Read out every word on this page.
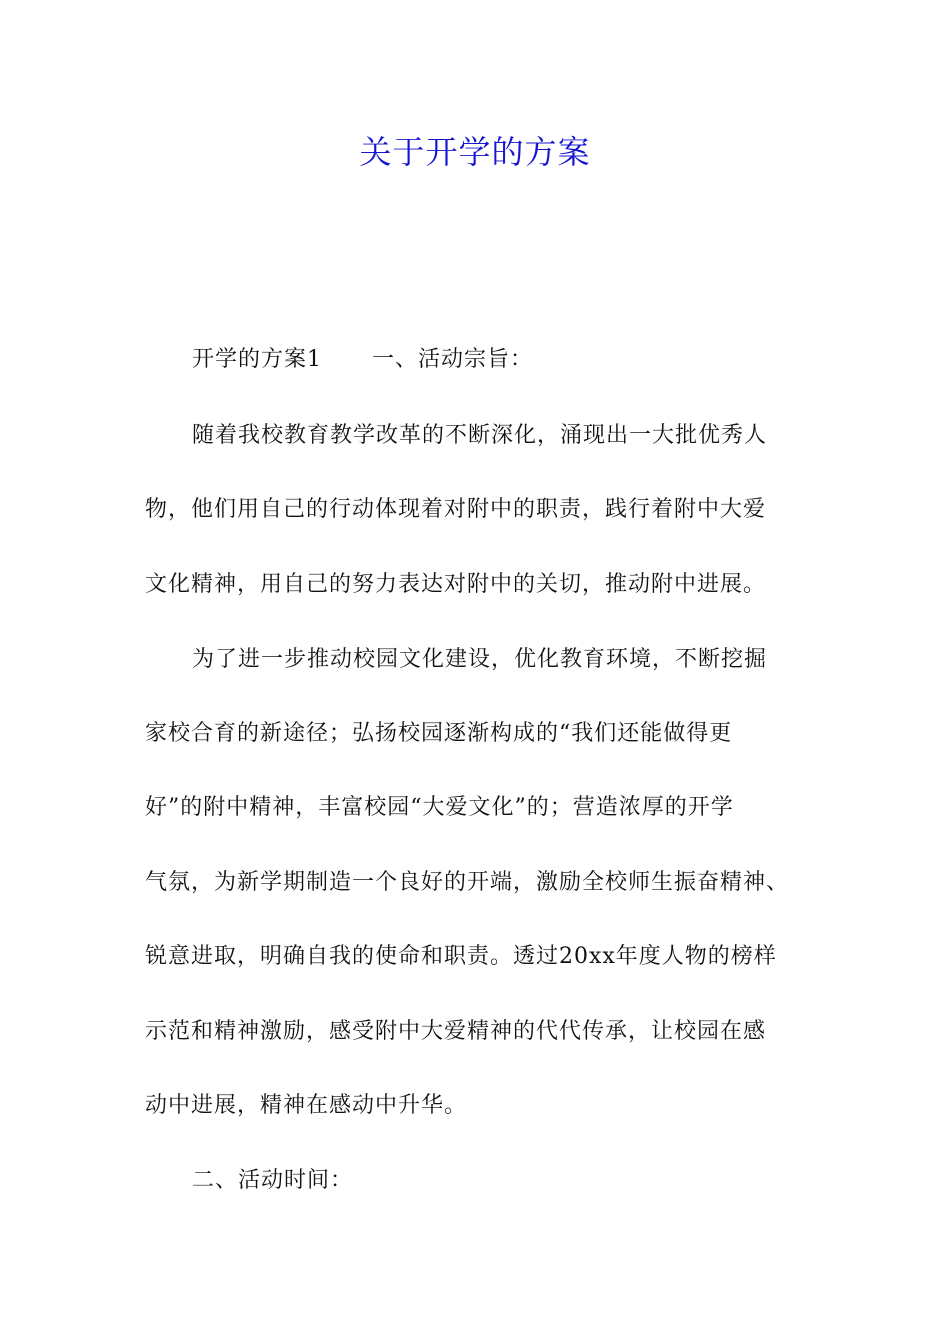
关于开学的方案
开学的方案1 一、活动宗旨：
随着我校教育教学改革的不断深化，涌现出一大批优秀人
物，他们用自己的行动体现着对附中的职责，践行着附中大爱
文化精神，用自己的努力表达对附中的关切，推动附中进展。
为了进一步推动校园文化建设，优化教育环境，不断挖掘
家校合育的新途径；弘扬校园逐渐构成的“我们还能做得更
好”的附中精神，丰富校园“大爱文化”的；营造浓厚的开学
气氛，为新学期制造一个良好的开端，激励全校师生振奋精神、
锐意进取，明确自我的使命和职责。透过20xx年度人物的榜样
示范和精神激励，感受附中大爱精神的代代传承，让校园在感
动中进展，精神在感动中升华。
二、活动时间：
